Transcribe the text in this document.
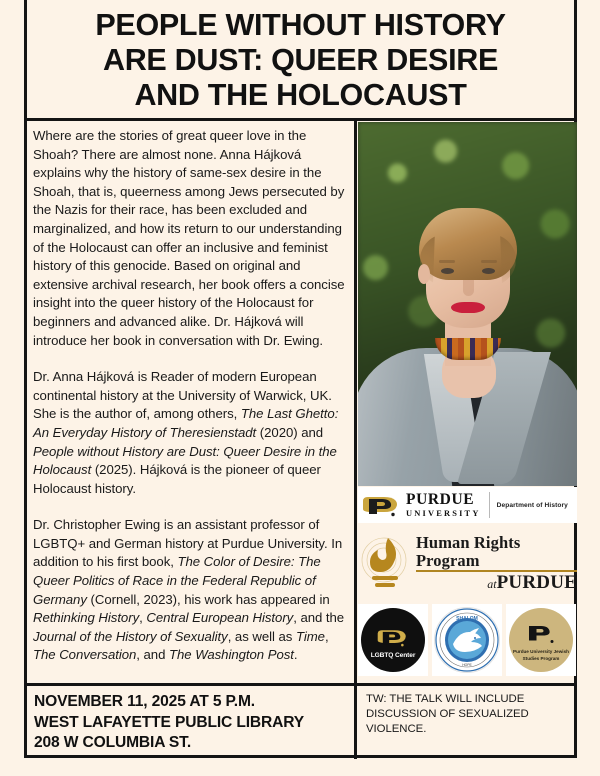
PEOPLE WITHOUT HISTORY
ARE DUST: QUEER DESIRE
AND THE HOLOCAUST

Where are the stories of great queer love in the Shoah? There are almost none. Anna Hájková explains why the history of same-sex desire in the Shoah, that is, queerness among Jews persecuted by the Nazis for their race, has been excluded and marginalized, and how its return to our understanding of the Holocaust can offer an inclusive and feminist history of this genocide. Based on original and extensive archival research, her book offers a concise insight into the queer history of the Holocaust for beginners and advanced alike. Dr. Hájková will introduce her book in conversation with Dr. Ewing.

Dr. Anna Hájková is Reader of modern European continental history at the University of Warwick, UK. She is the author of, among others, The Last Ghetto: An Everyday History of Theresienstadt (2020) and People without History are Dust: Queer Desire in the Holocaust (2025). Hájková is the pioneer of queer Holocaust history.

Dr. Christopher Ewing is an assistant professor of LGBTQ+ and German history at Purdue University. In addition to his first book, The Color of Desire: The Queer Politics of Race in the Federal Republic of Germany (Cornell, 2023), his work has appeared in Rethinking History, Central European History, and the Journal of the History of Sexuality, as well as Time, The Conversation, and The Washington Post.

PURDUE
UNIVERSITY
Department of History
Human Rights Program
atPURDUE
LGBTQ Center
SHALOM
HOPE
Purdue University Jewish Studies Program
NOVEMBER 11, 2025 AT 5 P.M.
WEST LAFAYETTE PUBLIC LIBRARY
208 W COLUMBIA ST.
TW: THE TALK WILL INCLUDE
DISCUSSION OF SEXUALIZED
VIOLENCE.
